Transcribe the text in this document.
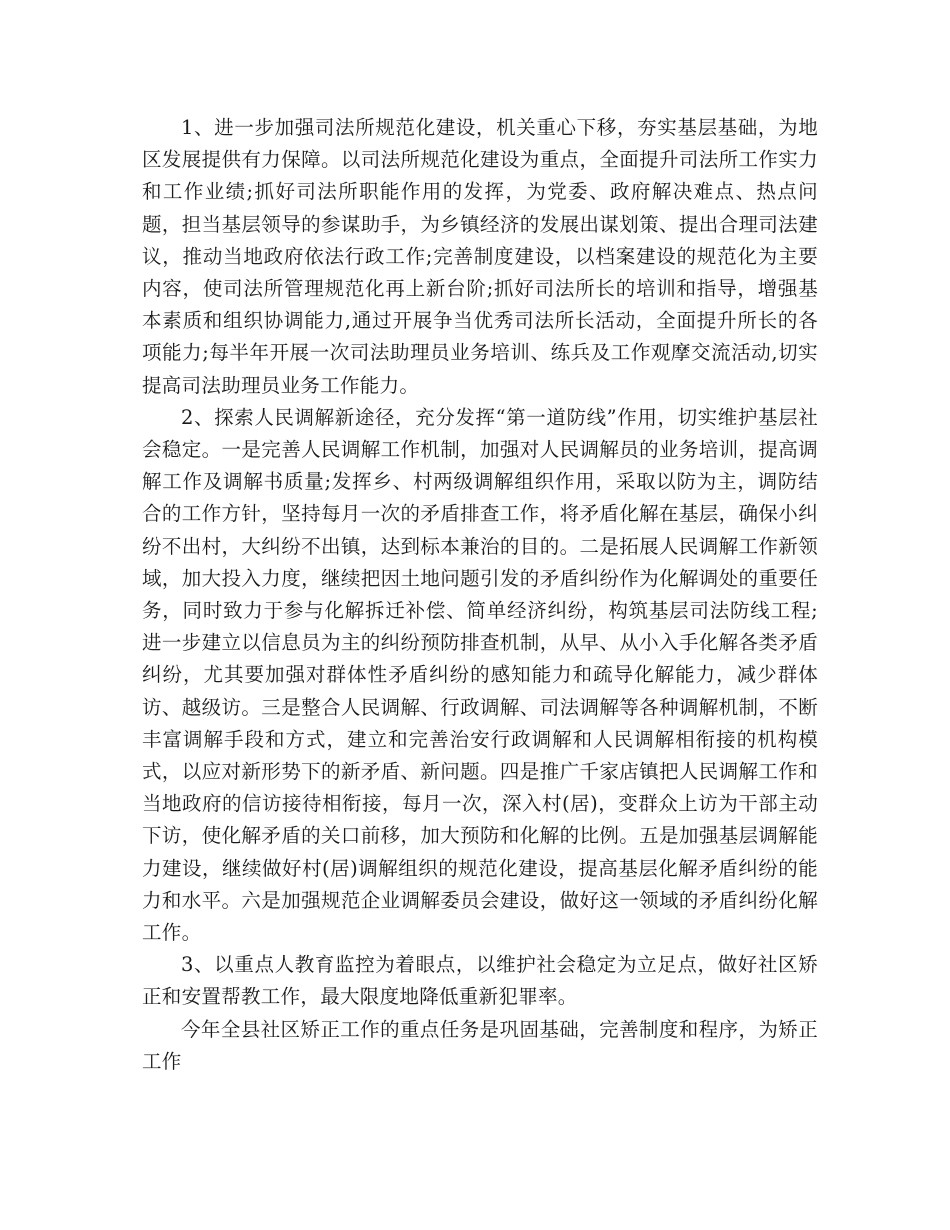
1、进一步加强司法所规范化建设，机关重心下移，夯实基层基础，为地区发展提供有力保障。以司法所规范化建设为重点，全面提升司法所工作实力和工作业绩;抓好司法所职能作用的发挥，为党委、政府解决难点、热点问题，担当基层领导的参谋助手，为乡镇经济的发展出谋划策、提出合理司法建议，推动当地政府依法行政工作;完善制度建设，以档案建设的规范化为主要内容，使司法所管理规范化再上新台阶;抓好司法所长的培训和指导，增强基本素质和组织协调能力,通过开展争当优秀司法所长活动，全面提升所长的各项能力;每半年开展一次司法助理员业务培训、练兵及工作观摩交流活动,切实提高司法助理员业务工作能力。

2、探索人民调解新途径，充分发挥“第一道防线”作用，切实维护基层社会稳定。一是完善人民调解工作机制，加强对人民调解员的业务培训，提高调解工作及调解书质量;发挥乡、村两级调解组织作用，采取以防为主，调防结合的工作方针，坚持每月一次的矛盾排查工作，将矛盾化解在基层，确保小纠纷不出村，大纠纷不出镇，达到标本兼治的目的。二是拓展人民调解工作新领域，加大投入力度，继续把因土地问题引发的矛盾纠纷作为化解调处的重要任务，同时致力于参与化解拆迁补偿、简单经济纠纷，构筑基层司法防线工程;进一步建立以信息员为主的纠纷预防排查机制，从早、从小入手化解各类矛盾纠纷，尤其要加强对群体性矛盾纠纷的感知能力和疏导化解能力，减少群体访、越级访。三是整合人民调解、行政调解、司法调解等各种调解机制，不断丰富调解手段和方式，建立和完善治安行政调解和人民调解相衔接的机构模式，以应对新形势下的新矛盾、新问题。四是推广千家店镇把人民调解工作和当地政府的信访接待相衔接，每月一次，深入村(居)，变群众上访为干部主动下访，使化解矛盾的关口前移，加大预防和化解的比例。五是加强基层调解能力建设，继续做好村(居)调解组织的规范化建设，提高基层化解矛盾纠纷的能力和水平。六是加强规范企业调解委员会建设，做好这一领域的矛盾纠纷化解工作。

3、以重点人教育监控为着眼点，以维护社会稳定为立足点，做好社区矫正和安置帮教工作，最大限度地降低重新犯罪率。

今年全县社区矫正工作的重点任务是巩固基础，完善制度和程序，为矫正工作
